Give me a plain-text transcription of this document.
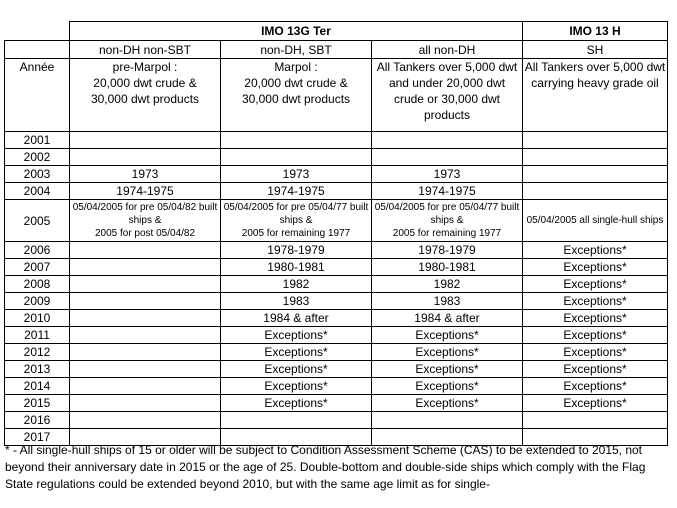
	IMO 13G Ter			IMO 13 H
	non-DH non-SBT	non-DH, SBT	all non-DH	SH
Année	pre-Marpol :
20,000 dwt crude &
30,000 dwt products	Marpol :
20,000 dwt crude &
30,000 dwt products	All Tankers over 5,000 dwt and under 20,000 dwt crude or 30,000 dwt products	All Tankers over 5,000 dwt carrying heavy grade oil
2001				
2002				
2003	1973	1973	1973	
2004	1974-1975	1974-1975	1974-1975	
2005	05/04/2005 for pre 05/04/82 built ships &
2005 for post 05/04/82	05/04/2005 for pre 05/04/77 built ships &
2005 for remaining 1977	05/04/2005 for pre 05/04/77 built ships &
2005 for remaining 1977	05/04/2005 all single-hull ships
2006		1978-1979	1978-1979	Exceptions*
2007		1980-1981	1980-1981	Exceptions*
2008		1982	1982	Exceptions*
2009		1983	1983	Exceptions*
2010		1984 & after	1984 & after	Exceptions*
2011		Exceptions*	Exceptions*	Exceptions*
2012		Exceptions*	Exceptions*	Exceptions*
2013		Exceptions*	Exceptions*	Exceptions*
2014		Exceptions*	Exceptions*	Exceptions*
2015		Exceptions*	Exceptions*	Exceptions*
2016				
2017				
* - All single-hull ships of 15 or older will be subject to Condition Assessment Scheme (CAS) to be extended to 2015, not beyond their anniversary date in 2015 or the age of 25. Double-bottom and double-side ships which comply with the Flag State regulations could be extended beyond 2010, but with the same age limit as for single-
